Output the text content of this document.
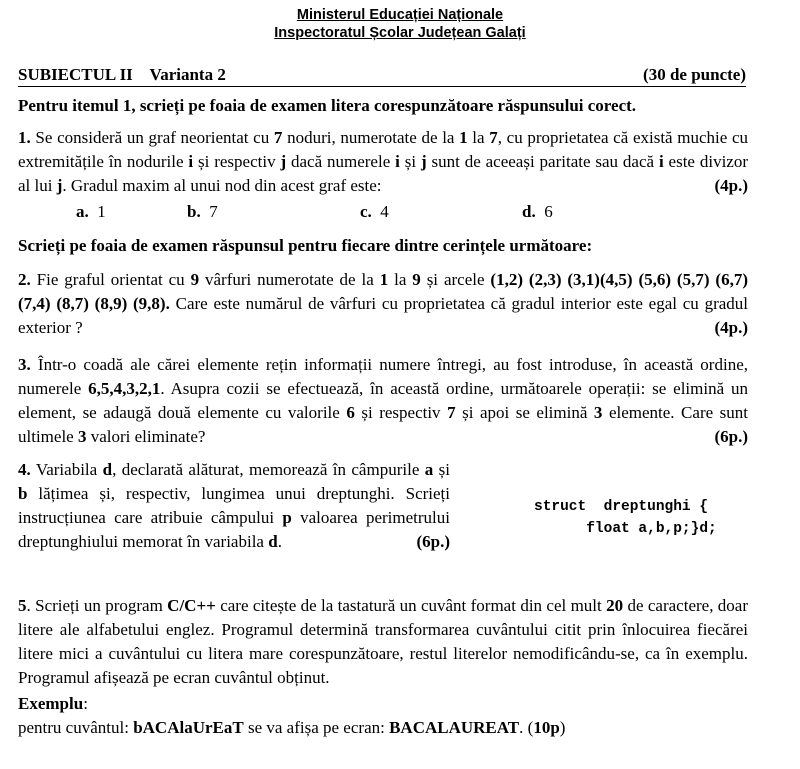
Ministerul Educației Naționale
Inspectoratul Școlar Județean Galați
SUBIECTUL II    Varianta 2	(30 de puncte)
Pentru itemul 1, scrieți pe foaia de examen litera corespunzătoare răspunsului corect.
1. Se consideră un graf neorientat cu 7 noduri, numerotate de la 1 la 7, cu proprietatea că există muchie cu extremitățile în nodurile i și respectiv j dacă numerele i și j sunt de aceeași paritate sau dacă i este divizor al lui j. Gradul maxim al unui nod din acest graf este:	(4p.)
a. 1	b. 7	c. 4	d. 6
Scrieți pe foaia de examen răspunsul pentru fiecare dintre cerințele următoare:
2. Fie graful orientat cu 9 vârfuri numerotate de la 1 la 9 și arcele (1,2) (2,3) (3,1)(4,5) (5,6) (5,7) (6,7) (7,4) (8,7) (8,9) (9,8). Care este numărul de vârfuri cu proprietatea că gradul interior este egal cu gradul exterior ?	(4p.)
3. Într-o coadă ale cărei elemente rețin informații numere întregi, au fost introduse, în această ordine, numerele 6,5,4,3,2,1. Asupra cozii se efectuează, în această ordine, următoarele operații: se elimină un element, se adaugă două elemente cu valorile 6 și respectiv 7 și apoi se elimină 3 elemente. Care sunt ultimele 3 valori eliminate?	(6p.)
4. Variabila d, declarată alăturat, memorează în câmpurile a și b lățimea și, respectiv, lungimea unui dreptunghi. Scrieți instrucțiunea care atribuie câmpului p valoarea perimetrului dreptunghiului memorat în variabila d.	(6p.)
struct  dreptunghi {
float a,b,p;}d;
5. Scrieți un program C/C++ care citește de la tastatură un cuvânt format din cel mult 20 de caractere, doar litere ale alfabetului englez. Programul determină transformarea cuvântului citit prin înlocuirea fiecărei litere mici a cuvântului cu litera mare corespunzătoare, restul literelor nemodificându-se, ca în exemplu. Programul afișează pe ecran cuvântul obținut.
Exemplu:
pentru cuvântul: bACAlaUrEaT se va afișa pe ecran: BACALAUREAT. (10p)
